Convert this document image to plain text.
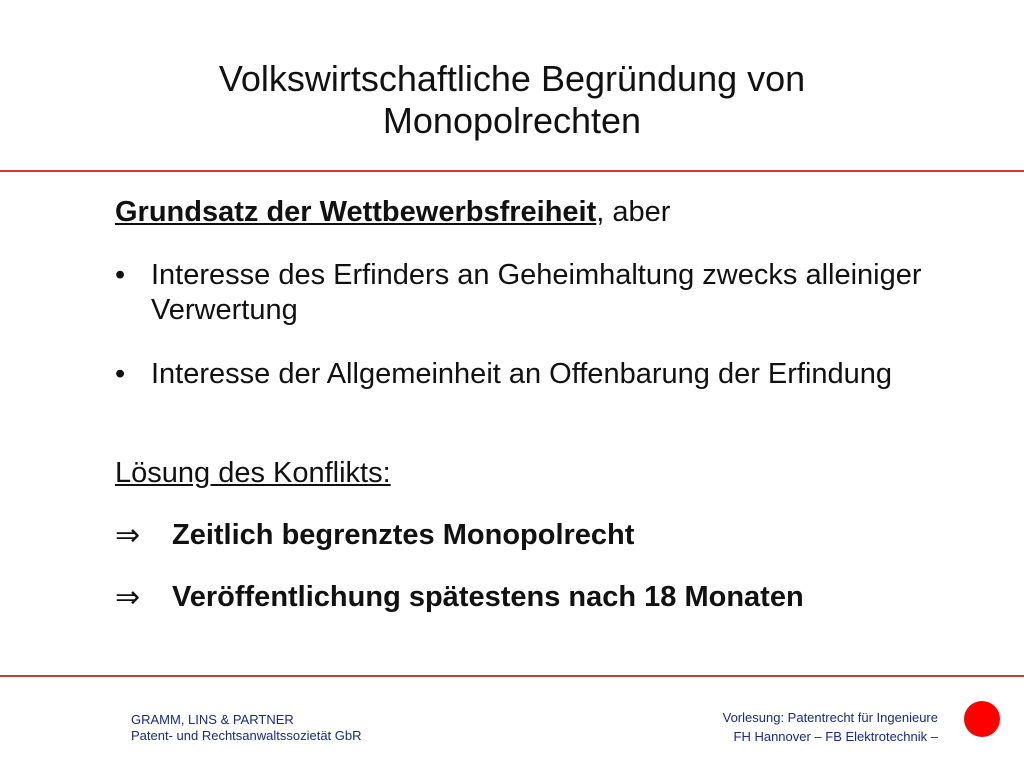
Volkswirtschaftliche Begründung von
Monopolrechten
Grundsatz der Wettbewerbsfreiheit, aber
• Interesse des Erfinders an Geheimhaltung zwecks alleiniger Verwertung
• Interesse der Allgemeinheit an Offenbarung der Erfindung
Lösung des Konflikts:
⇒ Zeitlich begrenztes Monopolrecht
⇒ Veröffentlichung spätestens nach 18 Monaten
GRAMM, LINS & PARTNER
Patent- und Rechtsanwaltssozietät GbR
Vorlesung: Patentrecht für Ingenieure
FH Hannover – FB Elektrotechnik –
